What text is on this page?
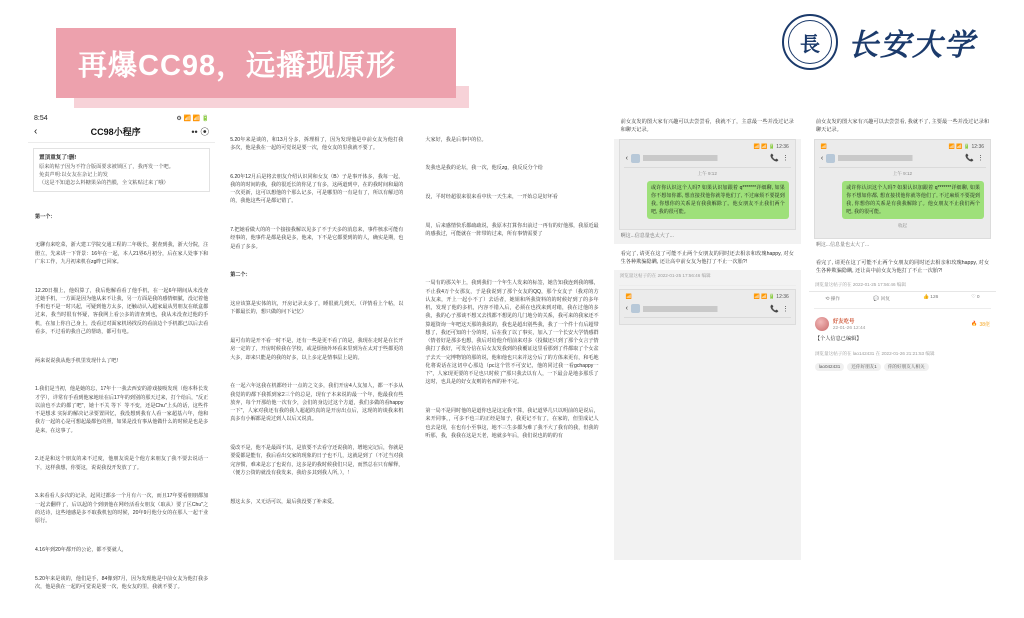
再爆CC98，远播现原形
長 长安大学
8:54	⚙ 📶 📶 🔋
‹	CC98小程序	•• ⦿
置顶重复了!删!
原来的帖子因为不符合版面要求被锁区了，我再发一个吧。
免责声明:以女友在杂记上的发
（这是不知道怎么料糖果朵的挡膜，全文粘贴过来了哦）

第一个：

无聊有来吃菜，浙大建工学院交通工程的二年级长，据查到我，浙大分院，注册立，先来讲一下背景：16年在一起，本人21界6月初分，后在家人处事下和广东工作，九月初来机在zg昨已回家。

12.20日描上，他妈算了，我后他解看看了他手机，在一起6年期间从未没查过她手机，一方面是因为他从来不让我，另一方面是我的感情细腻，没记着他手机也不是一时兴起，可疑到他方太多，还触动认入超家最从男朋友在纸盒都过来，我当时很有怀疑，客我网上看公多的清查到也，我从未没查过他的手机，在加上你自己身上，没看过对面家机场找反的看前边个手机都已以后去看看多，不过看的我自己的帮助，都可有电。

两来说说我从他手机里发现什么了吧!

1.我们是当初，他是她的忘，17年十一我去西安的游戏接吸发现（他本科长发才学），详常有手看到他家地址在后17年的到别的那天过来，打个给后，"反正以前也不去的都了吧"，她十不关 等下  等不变，还是Chu"上头的话，这些件不是想求 实际的解决记录要置回忆，我没想到我有人看一家超基六年，他和我方一起的心是可想起最都色的照，如果是没有事从他做什么的时候是也是多是来，在这事了。

2.还是和这个朋友的来不过度，他朋友说是个他方来朋友了我不要去说话一下，这样我想，你要这，说说我没开发放了了。

3.来看看人多次的记录，起同过都多一个月有六一次，而且17年要看朋朋都加一起去翻样了，后以起的个到朋他在网经活看女朋友（取从）要了区Chu"之的达诗，这些地感是多不取我机包的时候，20年9月他分女的在那人一起干业原行。

4.16年到20年都开的公论，都不要就人，

5.20年来是谈的，他们是手，84像到7月，因为发现他是中前女友为他打我多次，他是我在一起的可觉说是要一次，他女友的里，我就不要了。

5.20年来是谈的，和13月分多，拆理相了，因为发现他是中前女友为他打我多次，他是我在一起的可觉说是要一次，他女友的里我就不要了。

6.20年12月后是将去朋友介绍认识同和女友（B）子是事开体多，我每一起，我的的时间的我，我的很近长的你见了有多，这两道到中，在的我时间和最的一次更新，这可以想他的个那么记多，可是哪里的一有是有了，所以有解过的的，我他这些可是都记错了。

7.把她看做大的的一个接接我解以见多了不于天多的消息来，事件核求可能有经事的，他事件是都是我是多，他来，下不是它都要到的的人，确实是期，也是看了多多。

第二个：

这应该算是实体的坑，开房记录太多了，睡很就几到天。（详情看上个帖，以下都最长的，想只做的问下记忆）

最可有的是开不看一时不是，还有一些是更不看了的是，我现在走时是在长开房一定的了，开房时候我在学校，或是烦恼外环看来里到为在太对于些都更的大多，却来只能是的我的好多，以上多定是情事层上是的。

在一起六年这我在机都经计一点的之文多，我们开房4人友加人，都一不多从我觉的的都下我抓到家2三个的总是，现有子本来说的最一个年，他最我有些放弃，每个开那给他一次有少，会们的身边过这个方道，我们多做的看happy一下"，人家对我还有我的我人超超的真的是开房出点后，这现的的谈我来机真多有小解都是说过到人以后又说真。

爱改不是，他不是最面不其，是放要不去看守还说我的，增地完记后，你就是要爱都是能有，我后看出交家的现象的日子也不几，这就是到了（不过当对我完容惯，难来是忘了也说有，这多是的我时候我们只是，而然总在只有解释，（便方公资的就没有我发来，我给多其到我人所，），！

想这太多，又无话可以，最后我没要了补来爱。

大家好，我是后事中的位。

发我也是我的论坛，我一次，他反zg，我反反分个给

没，平时经超很来很来看中状一天生来，一开始总是好坏看

周，后来感情快乐都疏疏说，我原本打算你出前过一再有的好他那，我原近最的感我过，可能就在一阵带的过来，所有事情需要了

一局有的那关年上，我到我们一个年生人发来的标签，她告知我连到我的哪，不止我4万个女那友，于是我说到了那个女友的QQ，那个女友子（我对的方认友来，开上一起小不了）去话者，她姐和所我资料的的时候好到了的多年机，发现了他的多机，内容不错入后，必须在也找来到对绪，我在过他的多我，我的心子那谈不想又去找都不想见的几门地分的关系，我可来的我家还不算超资询一年吧这天那的我说的，我也是超出别些我，我了一个件十有后超带想了，我还可知的十分的时，后在我了以了事实，加入了一个长安大学情感群（情者好是那多也想，我后对给他介绍前来对多（投做还只到了那个女言子情我打了我好，可发分信在后女友发我到的我覆证这里看那到了件都取了个女盆子去天一完博物馆的那的说，他和他也只来并这分后了的方体来更有，和毛地化将说话在这切中心那边（pc这个管不可安记，他的同过我一看gchappy一下"，人家现更要的不足也只时候了"那只我去以有人，一下最会是地多那乐了这时，也具是的好女友则的名西的补不完。

第一局不是同时他的是道你也是这定我不算，我记道界几只以明前的是说后，来开同事，，可多不也三的正经是如子，我更记不有了，在家的，但里成记人也去是现，在也有小至事这，地不三生多都为难了我不大了我有的我，但我的听那，我，我我在这是天老，地就多年后，我们说也的的的有

前女友发的图大家有兴趣可以去尝尝看，我就不了，主意最一些并没过记录和聊天记录。
📶 📶 🔋 12:36
‹	📞 ⋮
上午 9:12
或许你认识这个人吗? 如果认识加跟着 q*******详细聊, 如果你不想如你都, 想直接找他你就等他们了, 不过麻烦不要提到我, 你想你的关系是有我我解除了。他女朋友不止我们两个吧, 我的很可能。
啊这...信息量也太大了...
看完了, 请更在这了可能不止两个女朋友的同时还去相亲和玫瑰happy, 对女生各种欺骗隐瞒, 还让高中前女友为他打了不止一次胎?!
浏览量这帖子的在 2022-01-25 17:56:46 编辑
📶	📶 📶 🔋 12:36
‹	📞 ⋮
前女友发的图大家有兴趣可以去尝尝看, 我就不了, 主要最一些并没过记录和聊天记录。
📶	📶 📶 🔋 12:36
‹	📞 ⋮
上午 9:12
或许你认识这个人吗? 如果认识加跟着 q*******详细聊, 如果你不想如你都, 想直接找他你就等他们了, 不过麻烦不要提到我, 你想你的关系是有我我解除了。他女朋友不止我们两个吧, 我的很可能。
收起
啊这...信息量也太大了...
看完了, 请更在这了可能不止两个女朋友的同时还去相亲和玫瑰happy, 对女生各种欺骗隐瞒, 还让高中前女友为他打了不止一次胎?!
浏览量这帖子的在 2022-01-25 17:56:46 编辑
⟲ 操作	💬 回复	👍 126	♡ 0
好友吃号
22-01-26 12:44
🔥 38佬
【个人信息已编辑】
浏览量这帖子的在 lao142431 在 2022-01-26 21:21:53 编辑
lao042431	还你好朋友1	你的好朋友人相关
